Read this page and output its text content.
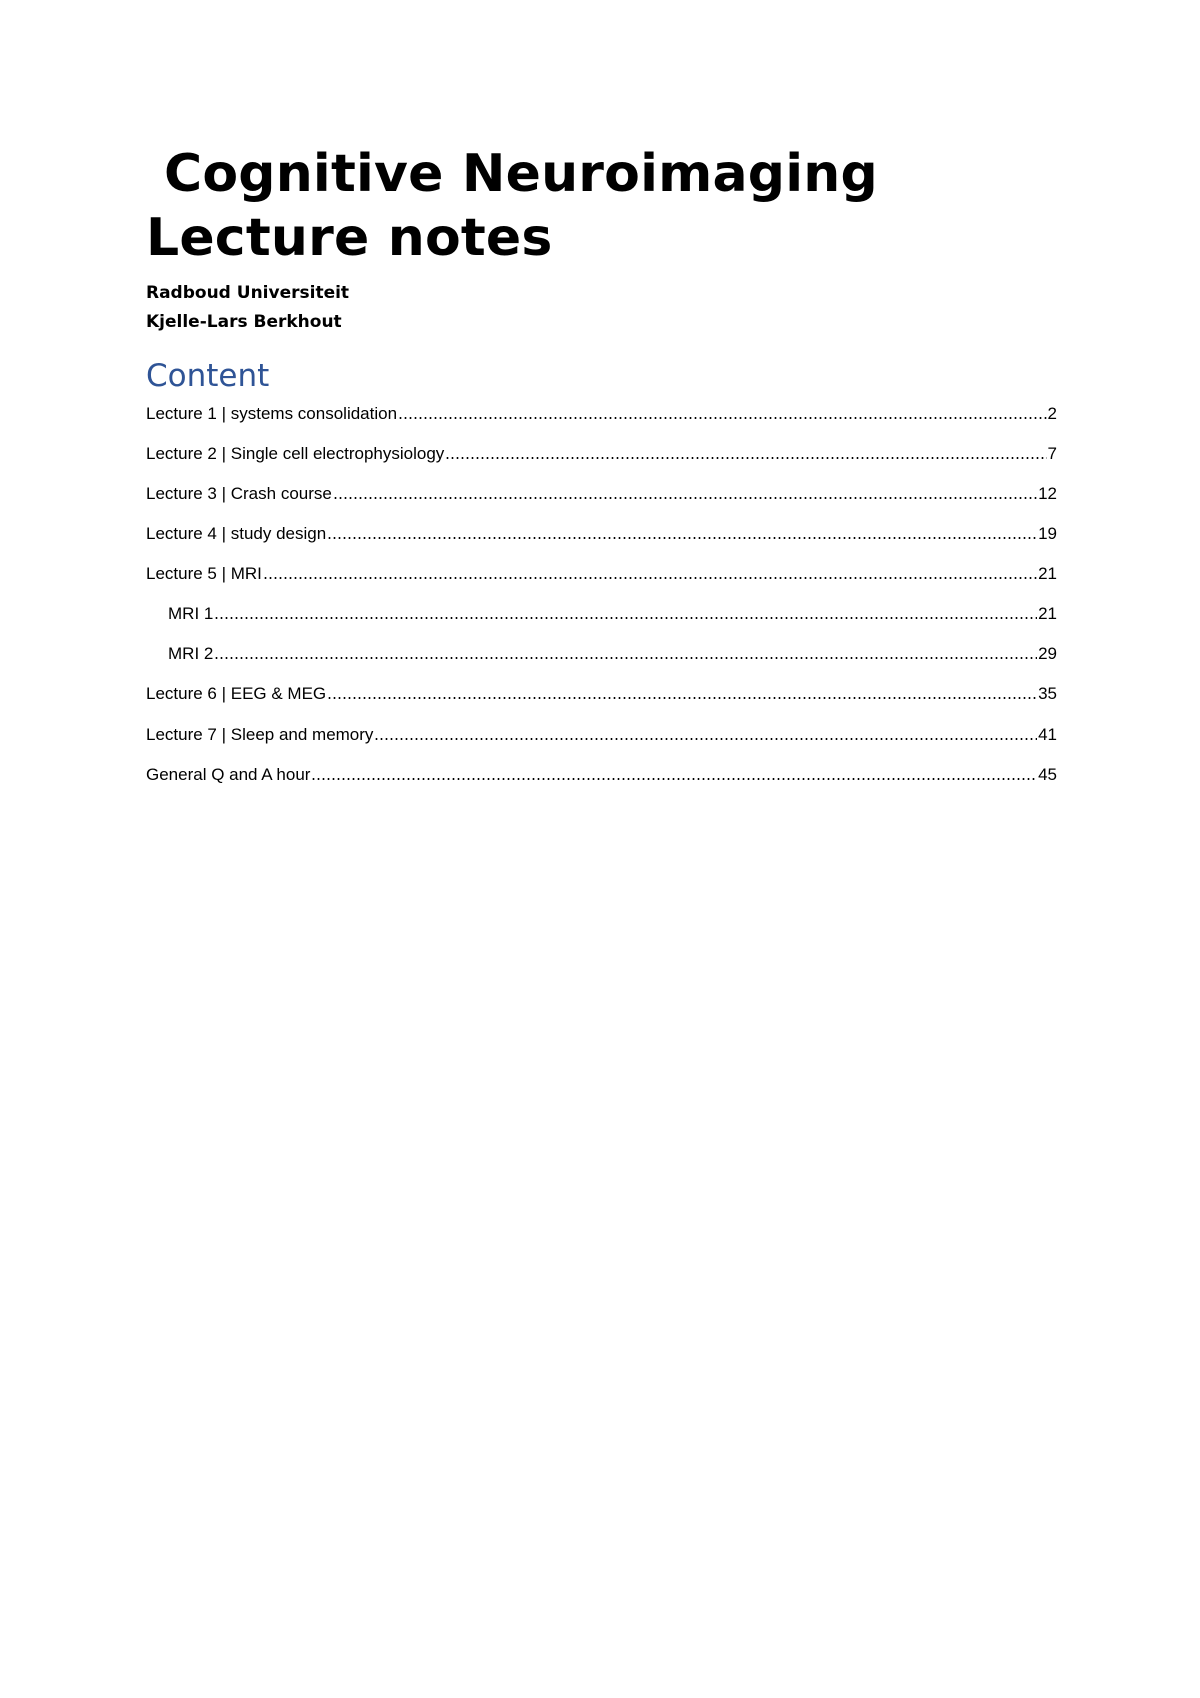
Cognitive Neuroimaging
Lecture notes
Radboud Universiteit
Kjelle-Lars Berkhout
Content
Lecture 1 | systems consolidation	2
Lecture 2 | Single cell electrophysiology	7
Lecture 3 | Crash course	12
Lecture 4 | study design	19
Lecture 5 | MRI	21
MRI 1	21
MRI 2	29
Lecture 6 | EEG & MEG	35
Lecture 7 | Sleep and memory	41
General Q and A hour	45
